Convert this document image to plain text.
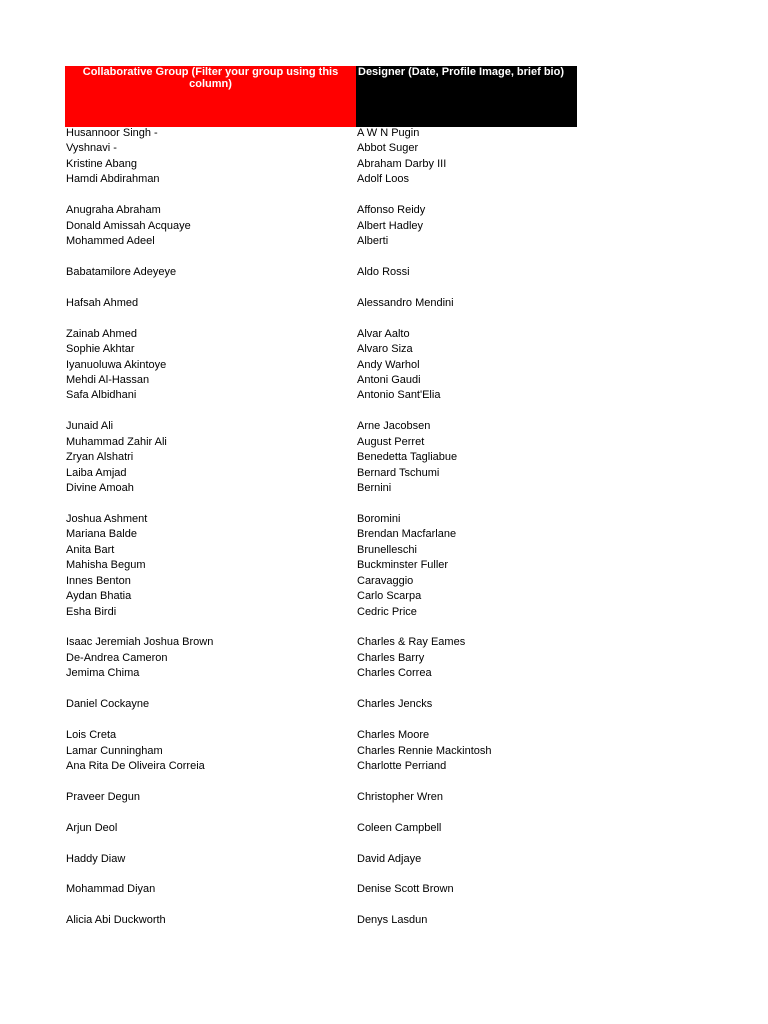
Collaborative Group (Filter your group using this column)
Designer (Date, Profile Image, brief bio)
Husannoor Singh -	A W N Pugin
Vyshnavi -	Abbot Suger
Kristine Abang	Abraham Darby III
Hamdi Abdirahman	Adolf Loos
Anugraha Abraham	Affonso Reidy
Donald Amissah Acquaye	Albert Hadley
Mohammed Adeel	Alberti
Babatamilore Adeyeye	Aldo Rossi
Hafsah Ahmed	Alessandro Mendini
Zainab Ahmed	Alvar Aalto
Sophie Akhtar	Alvaro Siza
Iyanuoluwa Akintoye	Andy Warhol
Mehdi Al-Hassan	Antoni Gaudi
Safa Albidhani	Antonio Sant'Elia
Junaid Ali	Arne Jacobsen
Muhammad Zahir Ali	August Perret
Zryan Alshatri	Benedetta Tagliabue
Laiba Amjad	Bernard Tschumi
Divine Amoah	Bernini
Joshua Ashment	Boromini
Mariana Balde	Brendan Macfarlane
Anita Bart	Brunelleschi
Mahisha Begum	Buckminster Fuller
Innes Benton	Caravaggio
Aydan Bhatia	Carlo Scarpa
Esha Birdi	Cedric Price
Isaac Jeremiah Joshua Brown	Charles & Ray Eames
De-Andrea Cameron	Charles Barry
Jemima Chima	Charles Correa
Daniel Cockayne	Charles Jencks
Lois Creta	Charles Moore
Lamar Cunningham	Charles Rennie Mackintosh
Ana Rita De Oliveira Correia	Charlotte Perriand
Praveer Degun	Christopher Wren
Arjun Deol	Coleen Campbell
Haddy Diaw	David Adjaye
Mohammad Diyan	Denise Scott Brown
Alicia Abi Duckworth	Denys Lasdun
